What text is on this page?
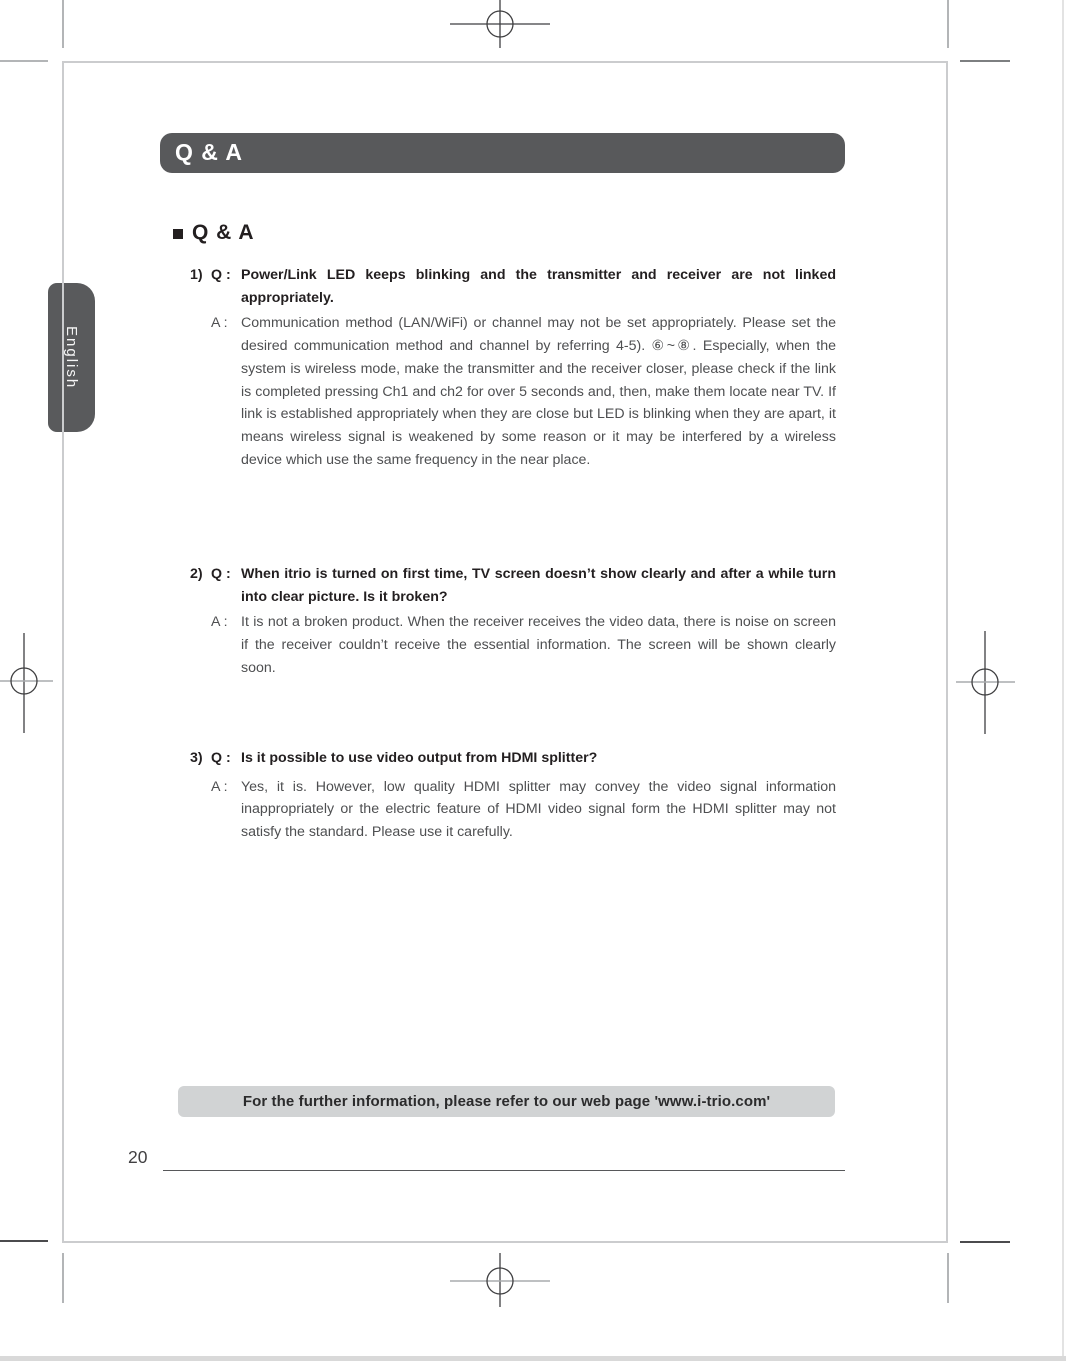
English
Q & A
Q & A
1) Q : Power/Link LED keeps blinking and the transmitter and receiver are not linked appropriately.
A : Communication method (LAN/WiFi) or channel may not be set appropriately. Please set the desired communication method and channel by referring 4-5). ⑥~⑧. Especially, when the system is wireless mode, make the transmitter and the receiver closer, please check if the link is completed pressing Ch1 and ch2 for over 5 seconds and, then, make them locate near TV. If link is established appropriately when they are close but LED is blinking when they are apart, it means wireless signal is weakened by some reason or it may be interfered by a wireless device which use the same frequency in the near place.
2) Q : When itrio is turned on first time, TV screen doesn’t show clearly and after a while turn into clear picture. Is it broken?
A : It is not a broken product. When the receiver receives the video data, there is noise on screen if the receiver couldn’t receive the essential information. The screen will be shown clearly soon.
3) Q : Is it possible to use video output from HDMI splitter?
A : Yes, it is. However, low quality HDMI splitter may convey the video signal information inappropriately or the electric feature of HDMI video signal form the HDMI splitter may not satisfy the standard. Please use it carefully.
For the further information, please refer to our web page 'www.i-trio.com'
20
